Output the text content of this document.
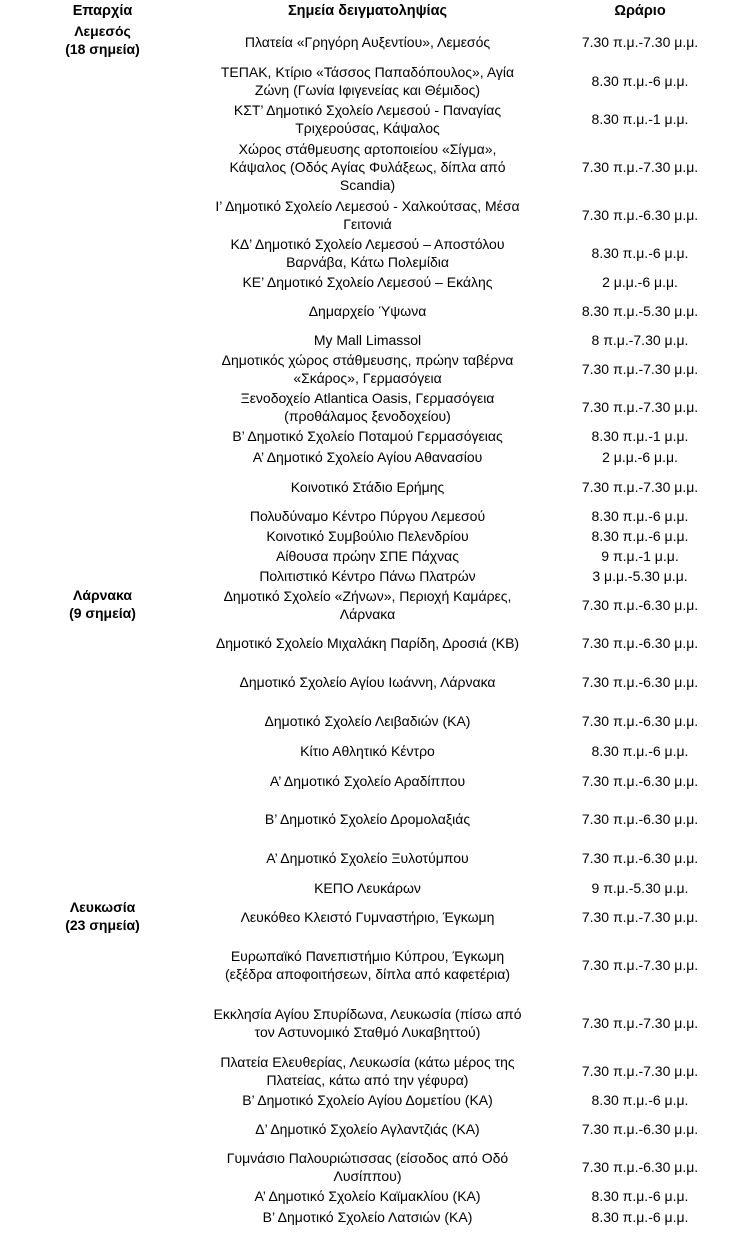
Επαρχία	Σημεία δειγματοληψίας	Ωράριο

Λεμεσός
(18 σημεία)	Πλατεία «Γρηγόρη Αυξεντίου», Λεμεσός	7.30 π.μ.-7.30 μ.μ.
	ΤΕΠΑΚ, Κτίριο «Τάσσος Παπαδόπουλος», Αγία Ζώνη (Γωνία Ιφιγενείας και Θέμιδος)	8.30 π.μ.-6 μ.μ.
	ΚΣΤ’ Δημοτικό Σχολείο Λεμεσού - Παναγίας Τριχερούσας, Κάψαλος	8.30 π.μ.-1 μ.μ.
	Χώρος στάθμευσης αρτοποιείου «Σίγμα», Κάψαλος (Οδός Αγίας Φυλάξεως, δίπλα από Scandia)	7.30 π.μ.-7.30 μ.μ.
	Ι’ Δημοτικό Σχολείο Λεμεσού - Χαλκούτσας, Μέσα Γειτονιά	7.30 π.μ.-6.30 μ.μ.
	ΚΔ’ Δημοτικό Σχολείο Λεμεσού – Αποστόλου Βαρνάβα, Κάτω Πολεμίδια	8.30 π.μ.-6 μ.μ.
	ΚΕ’ Δημοτικό Σχολείο Λεμεσού – Εκάλης	2 μ.μ.-6 μ.μ.
	Δημαρχείο Ύψωνα	8.30 π.μ.-5.30 μ.μ.
	My Mall Limassol	8 π.μ.-7.30 μ.μ.
	Δημοτικός χώρος στάθμευσης, πρώην ταβέρνα «Σκάρος», Γερμασόγεια	7.30 π.μ.-7.30 μ.μ.
	Ξενοδοχείο Atlantica Oasis, Γερμασόγεια (προθάλαμος ξενοδοχείου)	7.30 π.μ.-7.30 μ.μ.
	Β’ Δημοτικό Σχολείο Ποταμού Γερμασόγειας	8.30 π.μ.-1 μ.μ.
	Α’ Δημοτικό Σχολείο Αγίου Αθανασίου	2 μ.μ.-6 μ.μ.
	Κοινοτικό Στάδιο Ερήμης	7.30 π.μ.-7.30 μ.μ.
	Πολυδύναμο Κέντρο Πύργου Λεμεσού	8.30 π.μ.-6 μ.μ.
	Κοινοτικό Συμβούλιο Πελενδρίου	8.30 π.μ.-6 μ.μ.
	Αίθουσα πρώην ΣΠΕ Πάχνας	9 π.μ.-1 μ.μ.
	Πολιτιστικό Κέντρο Πάνω Πλατρών	3 μ.μ.-5.30 μ.μ.

Λάρνακα
(9 σημεία)	Δημοτικό Σχολείο «Ζήνων», Περιοχή Καμάρες, Λάρνακα	7.30 π.μ.-6.30 μ.μ.
	Δημοτικό Σχολείο Μιχαλάκη Παρίδη, Δροσιά (ΚΒ)	7.30 π.μ.-6.30 μ.μ.
	Δημοτικό Σχολείο Αγίου Ιωάννη, Λάρνακα	7.30 π.μ.-6.30 μ.μ.
	Δημοτικό Σχολείο Λειβαδιών (ΚΑ)	7.30 π.μ.-6.30 μ.μ.
	Κίτιο Αθλητικό Κέντρο	8.30 π.μ.-6 μ.μ.
	Α’ Δημοτικό Σχολείο Αραδίππου	7.30 π.μ.-6.30 μ.μ.
	Β’ Δημοτικό Σχολείο Δρομολαξιάς	7.30 π.μ.-6.30 μ.μ.
	Α’ Δημοτικό Σχολείο Ξυλοτύμπου	7.30 π.μ.-6.30 μ.μ.
	ΚΕΠΟ Λευκάρων	9 π.μ.-5.30 μ.μ.

Λευκωσία
(23 σημεία)	Λευκόθεο Κλειστό Γυμναστήριο, Έγκωμη	7.30 π.μ.-7.30 μ.μ.
	Ευρωπαϊκό Πανεπιστήμιο Κύπρου, Έγκωμη (εξέδρα αποφοιτήσεων, δίπλα από καφετέρια)	7.30 π.μ.-7.30 μ.μ.
	Εκκλησία Αγίου Σπυρίδωνα, Λευκωσία (πίσω από τον Αστυνομικό Σταθμό Λυκαβηττού)	7.30 π.μ.-7.30 μ.μ.
	Πλατεία Ελευθερίας, Λευκωσία (κάτω μέρος της Πλατείας, κάτω από την γέφυρα)	7.30 π.μ.-7.30 μ.μ.
	Β’ Δημοτικό Σχολείο Αγίου Δομετίου (ΚΑ)	8.30 π.μ.-6 μ.μ.
	Δ’ Δημοτικό Σχολείο Αγλαντζιάς (ΚΑ)	7.30 π.μ.-6.30 μ.μ.
	Γυμνάσιο Παλουριώτισσας (είσοδος από Οδό Λυσίππου)	7.30 π.μ.-6.30 μ.μ.
	Α’ Δημοτικό Σχολείο Καϊμακλίου (ΚΑ)	8.30 π.μ.-6 μ.μ.
	Β’ Δημοτικό Σχολείο Λατσιών (ΚΑ)	8.30 π.μ.-6 μ.μ.
